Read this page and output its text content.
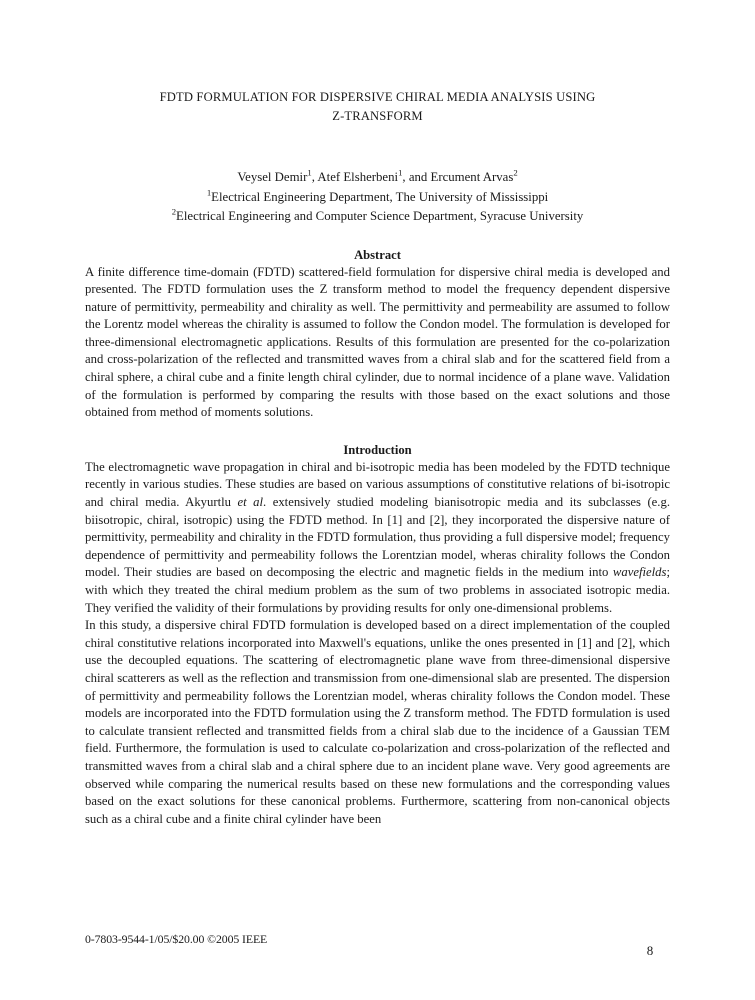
FDTD FORMULATION FOR DISPERSIVE CHIRAL MEDIA ANALYSIS USING
Z-TRANSFORM
Veysel Demir$^1$, Atef Elsherbeni$^1$, and Ercument Arvas$^2$
$^1$Electrical Engineering Department, The University of Mississippi
$^2$Electrical Engineering and Computer Science Department, Syracuse University
Abstract

A finite difference time-domain (FDTD) scattered-field formulation for dispersive chiral media is developed and presented. The FDTD formulation uses the Z transform method to model the frequency dependent dispersive nature of permittivity, permeability and chirality as well. The permittivity and permeability are assumed to follow the Lorentz model whereas the chirality is assumed to follow the Condon model. The formulation is developed for three-dimensional electromagnetic applications. Results of this formulation are presented for the co-polarization and cross-polarization of the reflected and transmitted waves from a chiral slab and for the scattered field from a chiral sphere, a chiral cube and a finite length chiral cylinder, due to normal incidence of a plane wave. Validation of the formulation is performed by comparing the results with those based on the exact solutions and those obtained from method of moments solutions.

Introduction

The electromagnetic wave propagation in chiral and bi-isotropic media has been modeled by the FDTD technique recently in various studies. These studies are based on various assumptions of constitutive relations of bi-isotropic and chiral media. Akyurtlu et al. extensively studied modeling bianisotropic media and its subclasses (e.g. biisotropic, chiral, isotropic) using the FDTD method. In [1] and [2], they incorporated the dispersive nature of permittivity, permeability and chirality in the FDTD formulation, thus providing a full dispersive model; frequency dependence of permittivity and permeability follows the Lorentzian model, wheras chirality follows the Condon model. Their studies are based on decomposing the electric and magnetic fields in the medium into wavefields; with which they treated the chiral medium problem as the sum of two problems in associated isotropic media. They verified the validity of their formulations by providing results for only one-dimensional problems.

In this study, a dispersive chiral FDTD formulation is developed based on a direct implementation of the coupled chiral constitutive relations incorporated into Maxwell's equations, unlike the ones presented in [1] and [2], which use the decoupled equations. The scattering of electromagnetic plane wave from three-dimensional dispersive chiral scatterers as well as the reflection and transmission from one-dimensional slab are presented. The dispersion of permittivity and permeability follows the Lorentzian model, wheras chirality follows the Condon model. These models are incorporated into the FDTD formulation using the Z transform method. The FDTD formulation is used to calculate transient reflected and transmitted fields from a chiral slab due to the incidence of a Gaussian TEM field. Furthermore, the formulation is used to calculate co-polarization and cross-polarization of the reflected and transmitted waves from a chiral slab and a chiral sphere due to an incident plane wave. Very good agreements are observed while comparing the numerical results based on these new formulations and the corresponding values based on the exact solutions for these canonical problems. Furthermore, scattering from non-canonical objects such as a chiral cube and a finite chiral cylinder have been

0-7803-9544-1/05/$20.00 ©2005 IEEE
8
